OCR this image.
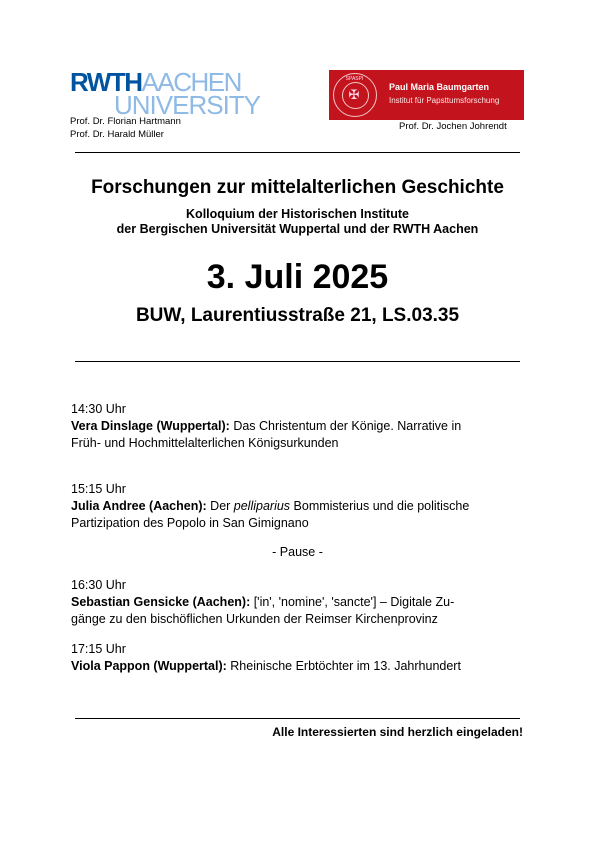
RWTHAACHEN
UNIVERSITY
Prof. Dr. Florian Hartmann
Prof. Dr. Harald Müller
SPASPI
✠	Paul Maria Baumgarten
Institut für Papsttumsforschung
Prof. Dr. Jochen Johrendt
Forschungen zur mittelalterlichen Geschichte
Kolloquium der Historischen Institute
der Bergischen Universität Wuppertal und der RWTH Aachen
3. Juli 2025
BUW, Laurentiusstraße 21, LS.03.35
14:30 Uhr
Vera Dinslage (Wuppertal): Das Christentum der Könige. Narrative in
Früh- und Hochmittelalterlichen Königsurkunden
15:15 Uhr
Julia Andree (Aachen): Der pelliparius Bommisterius und die politische
Partizipation des Popolo in San Gimignano
- Pause -
16:30 Uhr
Sebastian Gensicke (Aachen): ['in', 'nomine', 'sancte'] – Digitale Zu-
gänge zu den bischöflichen Urkunden der Reimser Kirchenprovinz
17:15 Uhr
Viola Pappon (Wuppertal): Rheinische Erbtöchter im 13. Jahrhundert
Alle Interessierten sind herzlich eingeladen!
